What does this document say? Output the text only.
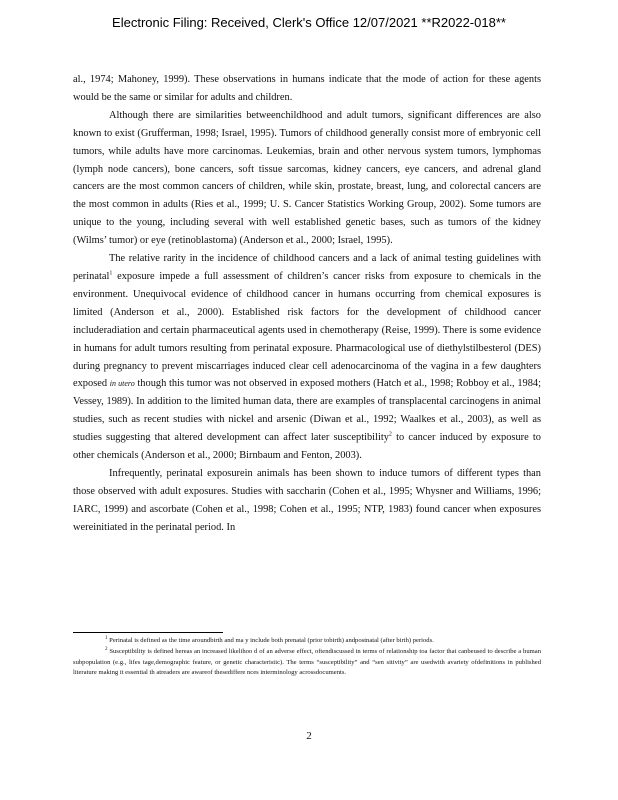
Electronic Filing: Received, Clerk's Office 12/07/2021 **R2022-018**

al., 1974; Mahoney, 1999). These observations in humans indicate that the mode of action for these agents would be the same or similar for adults and children.

Although there are similarities betweenchildhood and adult tumors, significant differences are also known to exist (Grufferman, 1998; Israel, 1995). Tumors of childhood generally consist more of embryonic cell tumors, while adults have more carcinomas. Leukemias, brain and other nervous system tumors, lymphomas (lymph node cancers), bone cancers, soft tissue sarcomas, kidney cancers, eye cancers, and adrenal gland cancers are the most common cancers of children, while skin, prostate, breast, lung, and colorectal cancers are the most common in adults (Ries et al., 1999; U. S. Cancer Statistics Working Group, 2002). Some tumors are unique to the young, including several with well established genetic bases, such as tumors of the kidney (Wilms’ tumor) or eye (retinoblastoma) (Anderson et al., 2000; Israel, 1995).

The relative rarity in the incidence of childhood cancers and a lack of animal testing guidelines with perinatal$^1$ exposure impede a full assessment of children’s cancer risks from exposure to chemicals in the environment. Unequivocal evidence of childhood cancer in humans occurring from chemical exposures is limited (Anderson et al., 2000). Established risk factors for the development of childhood cancer includeradiation and certain pharmaceutical agents used in chemotherapy (Reise, 1999). There is some evidence in humans for adult tumors resulting from perinatal exposure. Pharmacological use of diethylstilbesterol (DES) during pregnancy to prevent miscarriages induced clear cell adenocarcinoma of the vagina in a few daughters exposed in utero though this tumor was not observed in exposed mothers (Hatch et al., 1998; Robboy et al., 1984; Vessey, 1989). In addition to the limited human data, there are examples of transplacental carcinogens in animal studies, such as recent studies with nickel and arsenic (Diwan et al., 1992; Waalkes et al., 2003), as well as studies suggesting that altered development can affect later susceptibility$^2$ to cancer induced by exposure to other chemicals (Anderson et al., 2000; Birnbaum and Fenton, 2003).

Infrequently, perinatal exposurein animals has been shown to induce tumors of different types than those observed with adult exposures. Studies with saccharin (Cohen et al., 1995; Whysner and Williams, 1996; IARC, 1999) and ascorbate (Cohen et al., 1998; Cohen et al., 1995; NTP, 1983) found cancer when exposures wereinitiated in the perinatal period. In

$^1$ Perinatal is defined as the time aroundbirth and ma y include both prenatal (prior tobirth) andpostnatal (after birth) periods.

$^2$ Susceptibility is defined hereas an increased likelihoo d of an adverse effect, oftendiscussed in terms of relationship toa factor that canbeused to describe a human subpopulation (e.g., lifes tage,demographic feature, or genetic characteristic). The terms “susceptibility” and “sen sitivity” are usedwith avariety ofdefinitions in published literature making it essential th atreaders are awareof thesediffere nces interminology acrossdocuments.

2
